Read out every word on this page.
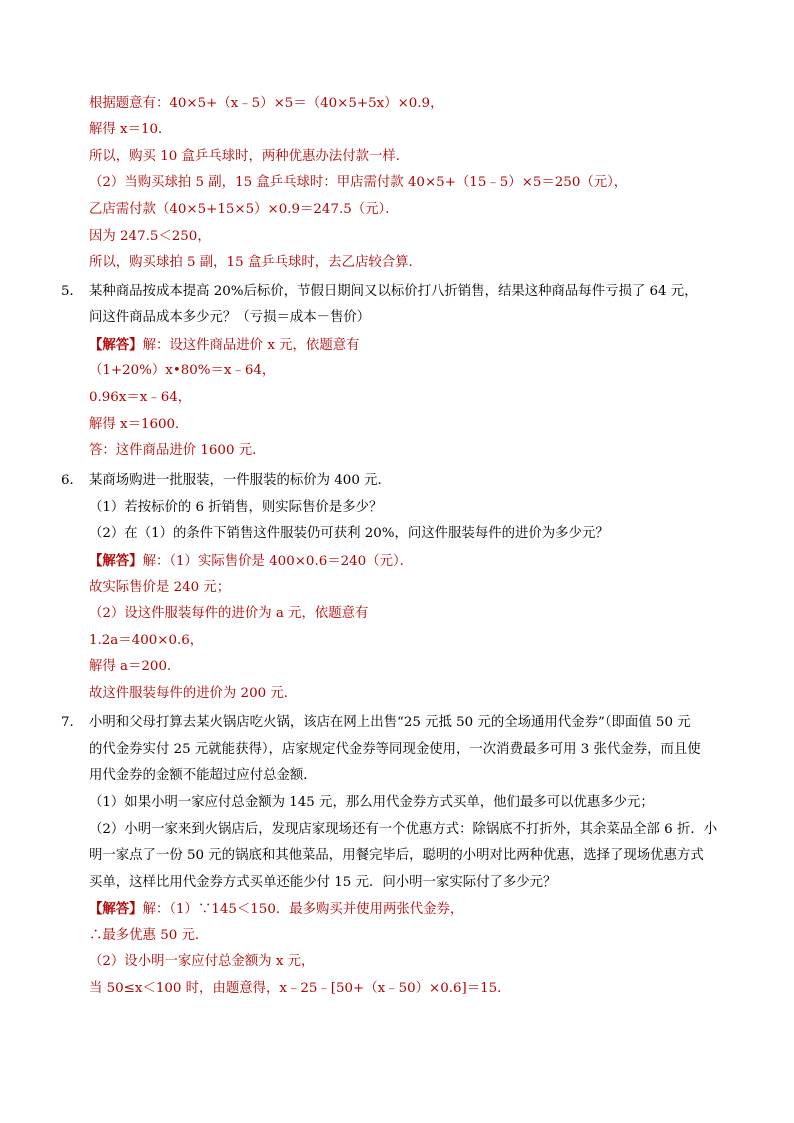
根据题意有：40×5+（x﹣5）×5＝（40×5+5x）×0.9，
解得 x＝10．
所以，购买 10 盒乒乓球时，两种优惠办法付款一样．
（2）当购买球拍 5 副，15 盒乒乓球时：甲店需付款 40×5+（15﹣5）×5＝250（元），
乙店需付款（40×5+15×5）×0.9＝247.5（元）．
因为 247.5＜250，
所以，购买球拍 5 副，15 盒乒乓球时，去乙店较合算．
5． 某种商品按成本提高 20%后标价，节假日期间又以标价打八折销售，结果这种商品每件亏损了 64 元，
问这件商品成本多少元？（亏损＝成本－售价）
【解答】解：设这件商品进价 x 元，依题意有
（1+20%）x•80%＝x﹣64，
0.96x＝x﹣64，
解得 x＝1600．
答：这件商品进价 1600 元．
6． 某商场购进一批服装，一件服装的标价为 400 元．
（1）若按标价的 6 折销售，则实际售价是多少？
（2）在（1）的条件下销售这件服装仍可获利 20%，问这件服装每件的进价为多少元？
【解答】解：（1）实际售价是 400×0.6＝240（元）．
故实际售价是 240 元；
（2）设这件服装每件的进价为 a 元，依题意有
1.2a＝400×0.6，
解得 a＝200．
故这件服装每件的进价为 200 元．
7． 小明和父母打算去某火锅店吃火锅，该店在网上出售“25 元抵 50 元的全场通用代金券”（即面值 50 元
的代金券实付 25 元就能获得），店家规定代金券等同现金使用，一次消费最多可用 3 张代金券，而且使
用代金券的金额不能超过应付总金额．
（1）如果小明一家应付总金额为 145 元，那么用代金券方式买单，他们最多可以优惠多少元；
（2）小明一家来到火锅店后，发现店家现场还有一个优惠方式：除锅底不打折外，其余菜品全部 6 折．小
明一家点了一份 50 元的锅底和其他菜品，用餐完毕后，聪明的小明对比两种优惠，选择了现场优惠方式
买单，这样比用代金券方式买单还能少付 15 元．问小明一家实际付了多少元？
【解答】解：（1）∵145＜150．最多购买并使用两张代金券，
∴最多优惠 50 元．
（2）设小明一家应付总金额为 x 元，
当 50≤x＜100 时，由题意得，x﹣25﹣[50+（x﹣50）×0.6]＝15．
